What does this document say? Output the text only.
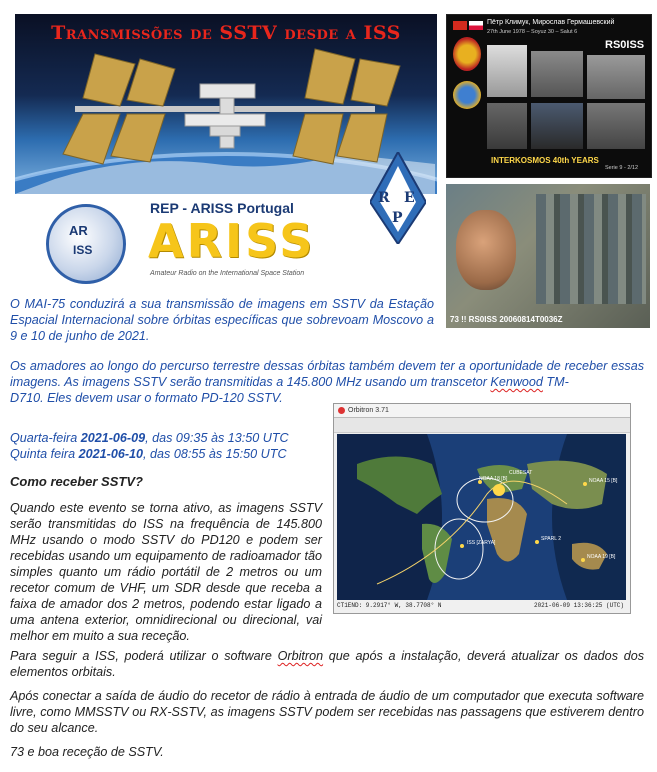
Transmissões de SSTV desde a ISS	Пётр Климук, Мирослав Гермашевский
27th June 1978 – Soyuz 30 – Salut 6
RS0ISS
INTERKOSMOS 40th YEARS
Serie 9 - 2/12
73 !! RS0ISS 20060814T0036Z
AR
ISS
REP - ARISS Portugal
ARISS
Amateur Radio on the International Space Station
R E
P

O MAI-75 conduzirá a sua transmissão de imagens em SSTV da Estação Espacial Internacional sobre órbitas específicas que sobrevoam Moscovo a 9 e 10 de junho de 2021.

Os amadores ao longo do percurso terrestre dessas órbitas também devem ter a oportunidade de receber essas imagens. As imagens SSTV serão transmitidas a 145.800 MHz usando um transcetor Kenwood TM-
D710. Eles devem usar o formato PD-120 SSTV.

Quarta-feira 2021-06-09, das 09:35 às 13:50 UTC

Quinta feira 2021-06-10, das 08:55 às 15:50 UTC

Como receber SSTV?

Quando este evento se torna ativo, as imagens SSTV serão transmitidas do ISS na frequência de 145.800 MHz usando o modo SSTV do PD120 e podem ser recebidas usando um equipamento de radioamador tão simples quanto um rádio portátil de 2 metros ou um recetor comum de VHF, um SDR desde que receba a faixa de amador dos 2 metros, podendo estar ligado a uma antena exterior, omnidirecional ou direcional, vai melhor em muito a sua receção.

Orbitron 3.71
NOAA 18 [B]	NOAA 15 [B]
ISS [ZARYA]
CUBESAT
SPARL 2
NOAA 19 [B]
CT1END: 9.2917° W, 38.7708° N	2021-06-09 13:36:25 (UTC)

Para seguir a ISS, poderá utilizar o software Orbitron que após a instalação, deverá atualizar os dados dos elementos orbitais.

Após conectar a saída de áudio do recetor de rádio à entrada de áudio de um computador que executa software livre, como MMSSTV ou RX-SSTV, as imagens SSTV podem ser recebidas nas passagens que estiverem dentro do seu alcance.

73 e boa receção de SSTV.
